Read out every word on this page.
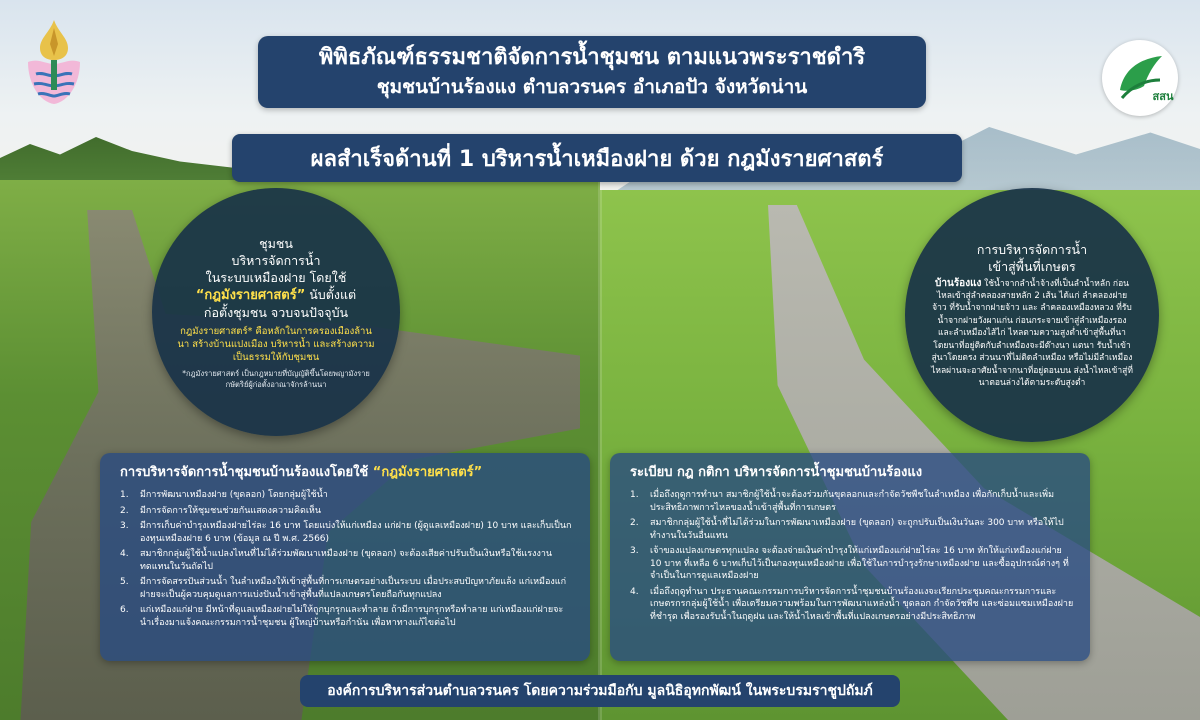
สสน
พิพิธภัณฑ์ธรรมชาติจัดการน้ำชุมชน ตามแนวพระราชดำริ
ชุมชนบ้านร้องแง ตำบลวรนคร อำเภอปัว จังหวัดน่าน
ผลสำเร็จด้านที่ 1 บริหารน้ำเหมืองฝาย ด้วย กฎมังรายศาสตร์
ชุมชน
บริหารจัดการน้ำ
ในระบบเหมืองฝาย โดยใช้
“กฎมังรายศาสตร์” นับตั้งแต่
ก่อตั้งชุมชน จวบจนปัจจุบัน
กฎมังรายศาสตร์* คือหลักในการครองเมืองล้านนา สร้างบ้านแปงเมือง บริหารน้ำ และสร้างความเป็นธรรมให้กับชุมชน
*กฎมังรายศาสตร์ เป็นกฎหมายที่บัญญัติขึ้นโดยพญามังราย กษัตริย์ผู้ก่อตั้งอาณาจักรล้านนา
การบริหารจัดการน้ำ
เข้าสู่พื้นที่เกษตร
บ้านร้องแง ใช้น้ำจากลำน้ำจ้างที่เป็นลำน้ำหลัก ก่อนไหลเข้าสู่ลำคลองสายหลัก 2 เส้น ได้แก่ ลำคลองฝายจ้าว ที่รับน้ำจากฝายจ้าว และ ลำคลองเหมืองหลวง ที่รับน้ำจากฝายวังผาแก่น ก่อนกระจายเข้าสู่ลำเหมืองรองและลำเหมืองไส้ไก่ ไหลตามความสูงต่ำเข้าสู่พื้นที่นาโดยนาที่อยู่ติดกับลำเหมืองจะมีต๊างนา แตนา รับน้ำเข้าสู่นาโดยตรง ส่วนนาที่ไม่ติดลำเหมือง หรือไม่มีลำเหมืองไหลผ่านจะอาศัยน้ำจากนาที่อยู่ตอนบน ส่งน้ำไหลเข้าสู่ที่นาตอนล่างได้ตามระดับสูงต่ำ
การบริหารจัดการน้ำชุมชนบ้านร้องแงโดยใช้ “กฎมังรายศาสตร์”
1.	มีการพัฒนาเหมืองฝาย (ขุดลอก) โดยกลุ่มผู้ใช้น้ำ
2.	มีการจัดการให้ชุมชนช่วยกันแสดงความคิดเห็น
3.	มีการเก็บค่าบำรุงเหมืองฝายไร่ละ 16 บาท โดยแบ่งให้แก่เหมือง แก่ฝาย (ผู้ดูแลเหมืองฝาย) 10 บาท และเก็บเป็นกองทุนเหมืองฝาย 6 บาท (ข้อมูล ณ ปี พ.ศ. 2566)
4.	สมาชิกกลุ่มผู้ใช้น้ำแปลงไหนที่ไม่ได้ร่วมพัฒนาเหมืองฝาย (ขุดลอก) จะต้องเสียค่าปรับเป็นเงินหรือใช้แรงงานทดแทนในวันถัดไป
5.	มีการจัดสรรปันส่วนน้ำ ในลำเหมืองให้เข้าสู่พื้นที่การเกษตรอย่างเป็นระบบ เมื่อประสบปัญหาภัยแล้ง แก่เหมืองแก่ฝายจะเป็นผู้ควบคุมดูแลการแบ่งปันน้ำเข้าสู่พื้นที่แปลงเกษตรโดยถือกันทุกแปลง
6.	แก่เหมืองแก่ฝาย มีหน้าที่ดูแลเหมืองฝายไม่ให้ถูกบุกรุกและทำลาย ถ้ามีการบุกรุกหรือทำลาย แก่เหมืองแก่ฝายจะนำเรื่องมาแจ้งคณะกรรมการน้ำชุมชน ผู้ใหญ่บ้านหรือกำนัน เพื่อหาทางแก้ไขต่อไป
ระเบียบ กฎ กติกา บริหารจัดการน้ำชุมชนบ้านร้องแง
1.	เมื่อถึงฤดูการทำนา สมาชิกผู้ใช้น้ำจะต้องร่วมกันขุดลอกและกำจัดวัชพืชในลำเหมือง เพื่อกักเก็บน้ำและเพิ่มประสิทธิภาพการไหลของน้ำเข้าสู่พื้นที่การเกษตร
2.	สมาชิกกลุ่มผู้ใช้น้ำที่ไม่ได้ร่วมในการพัฒนาเหมืองฝาย (ขุดลอก) จะถูกปรับเป็นเงินวันละ 300 บาท หรือให้ไปทำงานในวันอื่นแทน
3.	เจ้าของแปลงเกษตรทุกแปลง จะต้องจ่ายเงินค่าบำรุงให้แก่เหมืองแก่ฝายไร่ละ 16 บาท หักให้แก่เหมืองแก่ฝาย 10 บาท ที่เหลือ 6 บาทเก็บไว้เป็นกองทุนเหมืองฝาย เพื่อใช้ในการบำรุงรักษาเหมืองฝาย และซื้ออุปกรณ์ต่างๆ ที่จำเป็นในการดูแลเหมืองฝาย
4.	เมื่อถึงฤดูทำนา ประธานคณะกรรมการบริหารจัดการน้ำชุมชนบ้านร้องแงจะเรียกประชุมคณะกรรมการและเกษตรกรกลุ่มผู้ใช้น้ำ เพื่อเตรียมความพร้อมในการพัฒนาแหล่งน้ำ ขุดลอก กำจัดวัชพืช และซ่อมแซมเหมืองฝายที่ชำรุด เพื่อรองรับน้ำในฤดูฝน และให้น้ำไหลเข้าพื้นที่แปลงเกษตรอย่างมีประสิทธิภาพ
องค์การบริหารส่วนตำบลวรนคร โดยความร่วมมือกับ มูลนิธิอุทกพัฒน์ ในพระบรมราชูปถัมภ์
